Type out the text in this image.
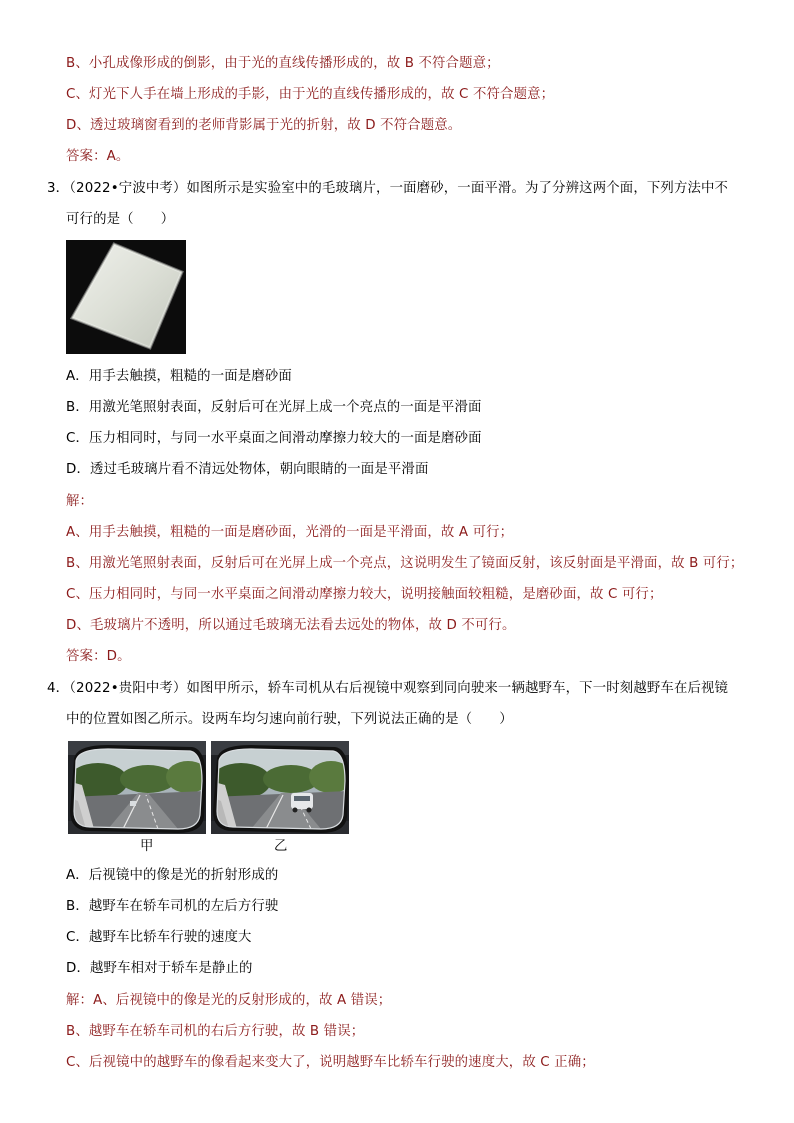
B、小孔成像形成的倒影，由于光的直线传播形成的，故 B 不符合题意；
C、灯光下人手在墙上形成的手影，由于光的直线传播形成的，故 C 不符合题意；
D、透过玻璃窗看到的老师背影属于光的折射，故 D 不符合题意。
答案：A。
3．（2022•宁波中考）如图所示是实验室中的毛玻璃片，一面磨砂，一面平滑。为了分辨这两个面，下列方法中不
可行的是（　　）
A．用手去触摸，粗糙的一面是磨砂面
B．用激光笔照射表面，反射后可在光屏上成一个亮点的一面是平滑面
C．压力相同时，与同一水平桌面之间滑动摩擦力较大的一面是磨砂面
D．透过毛玻璃片看不清远处物体，朝向眼睛的一面是平滑面
解：
A、用手去触摸，粗糙的一面是磨砂面，光滑的一面是平滑面，故 A 可行；
B、用激光笔照射表面，反射后可在光屏上成一个亮点，这说明发生了镜面反射，该反射面是平滑面，故 B 可行；
C、压力相同时，与同一水平桌面之间滑动摩擦力较大，说明接触面较粗糙，是磨砂面，故 C 可行；
D、毛玻璃片不透明，所以通过毛玻璃无法看去远处的物体，故 D 不可行。
答案：D。
4．（2022•贵阳中考）如图甲所示，轿车司机从右后视镜中观察到同向驶来一辆越野车，下一时刻越野车在后视镜
中的位置如图乙所示。设两车均匀速向前行驶，下列说法正确的是（　　）
甲	乙
A．后视镜中的像是光的折射形成的
B．越野车在轿车司机的左后方行驶
C．越野车比轿车行驶的速度大
D．越野车相对于轿车是静止的
解：A、后视镜中的像是光的反射形成的，故 A 错误；
B、越野车在轿车司机的右后方行驶，故 B 错误；
C、后视镜中的越野车的像看起来变大了，说明越野车比轿车行驶的速度大，故 C 正确；
